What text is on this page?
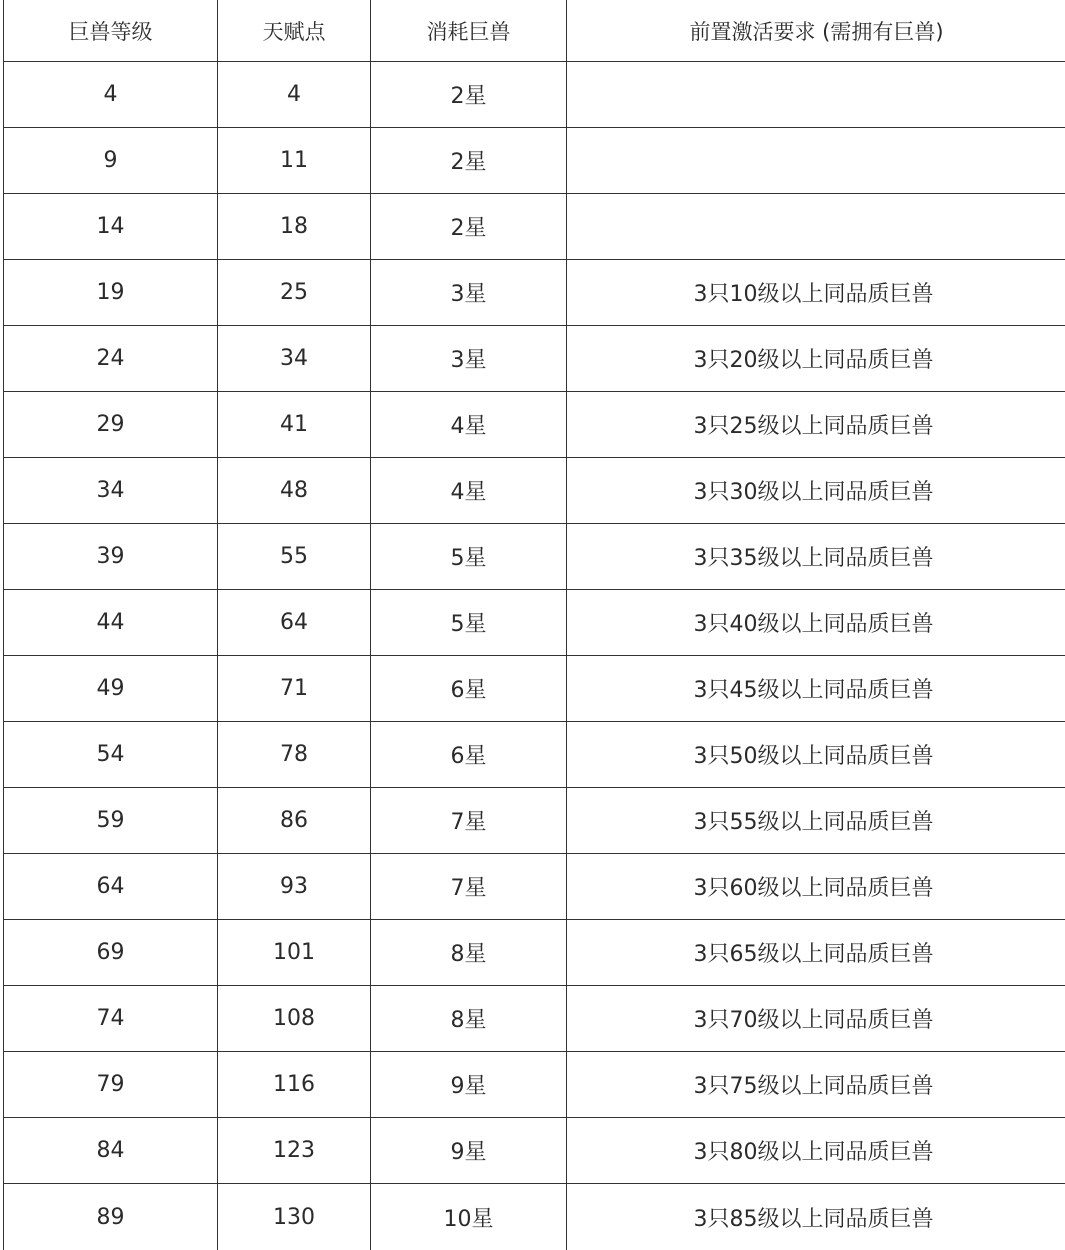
巨兽等级	天赋点	消耗巨兽	前置激活要求 (需拥有巨兽)
4	4	2星
9	11	2星
14	18	2星
19	25	3星	3只10级以上同品质巨兽
24	34	3星	3只20级以上同品质巨兽
29	41	4星	3只25级以上同品质巨兽
34	48	4星	3只30级以上同品质巨兽
39	55	5星	3只35级以上同品质巨兽
44	64	5星	3只40级以上同品质巨兽
49	71	6星	3只45级以上同品质巨兽
54	78	6星	3只50级以上同品质巨兽
59	86	7星	3只55级以上同品质巨兽
64	93	7星	3只60级以上同品质巨兽
69	101	8星	3只65级以上同品质巨兽
74	108	8星	3只70级以上同品质巨兽
79	116	9星	3只75级以上同品质巨兽
84	123	9星	3只80级以上同品质巨兽
89	130	10星	3只85级以上同品质巨兽
